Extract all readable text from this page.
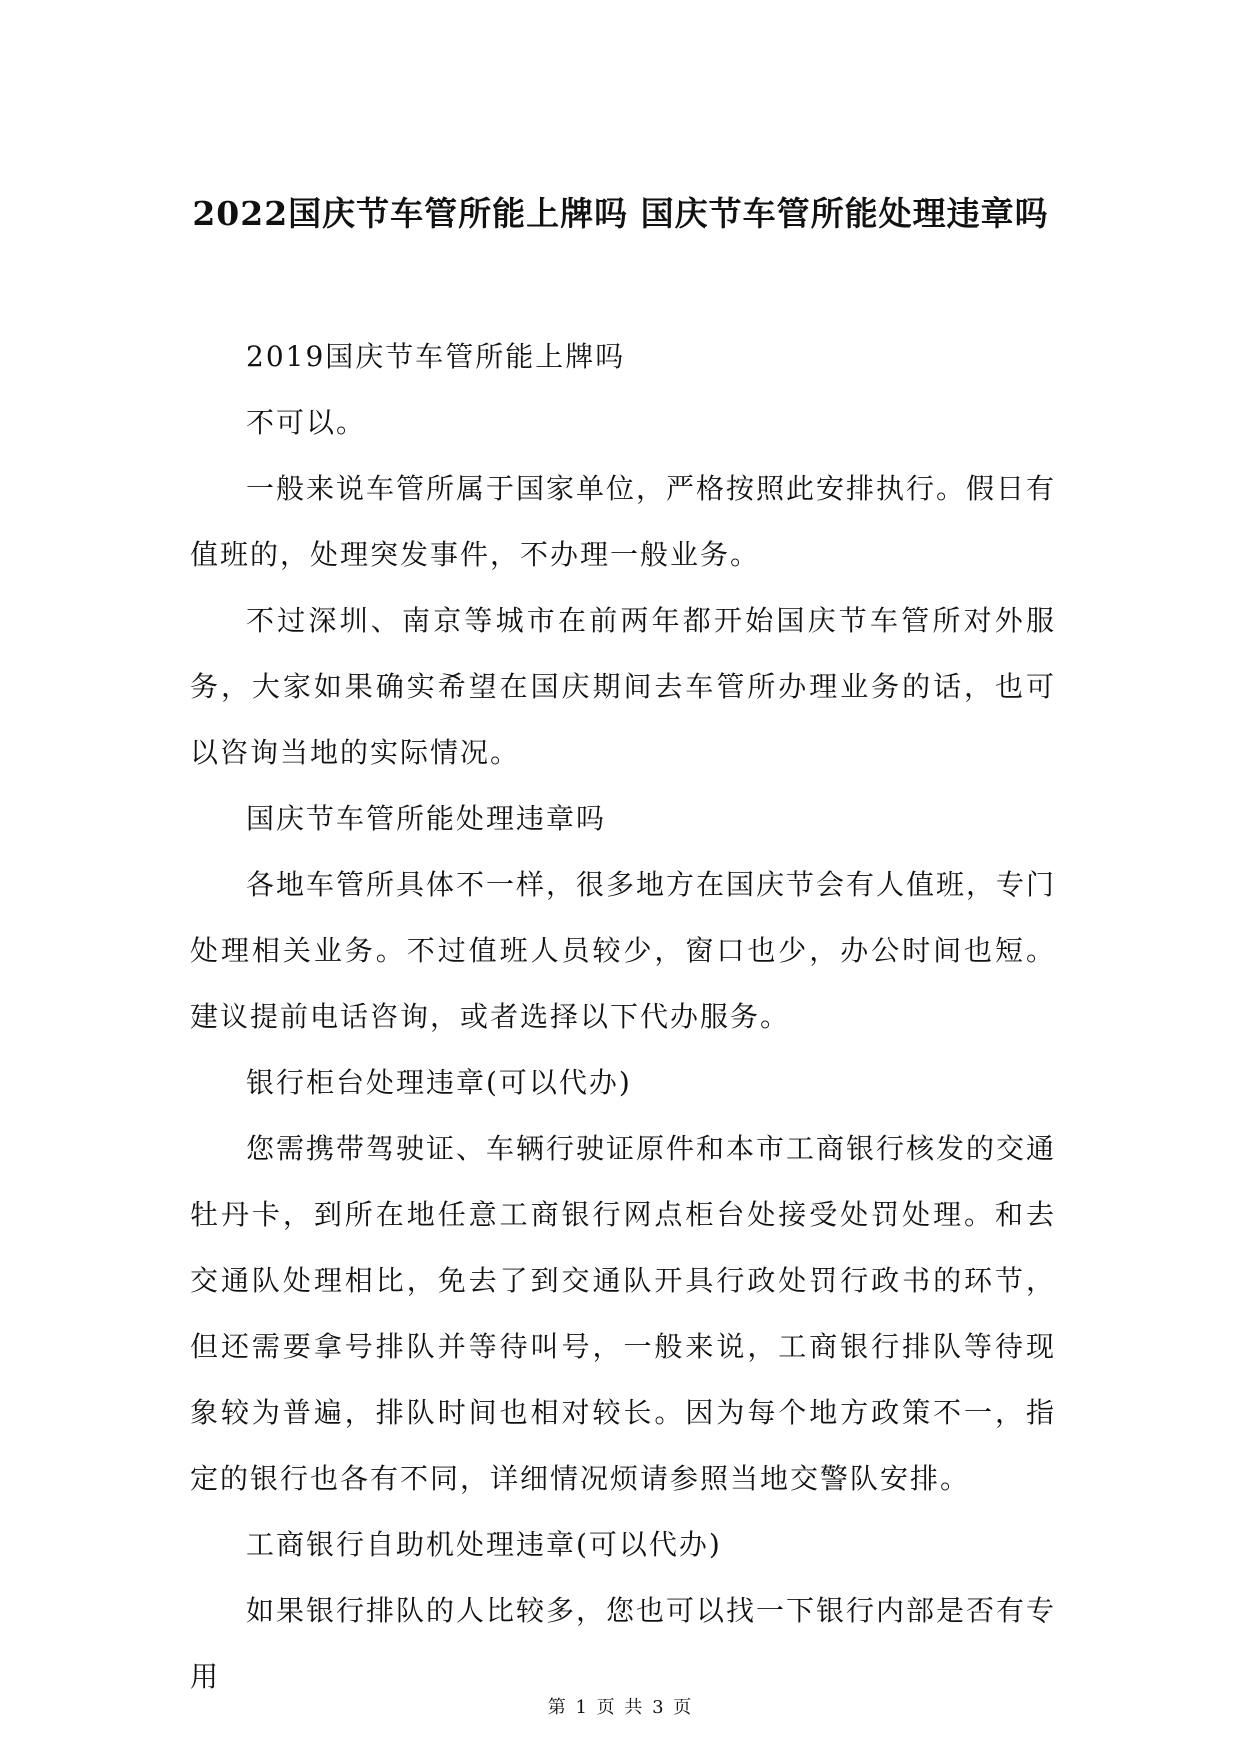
2022国庆节车管所能上牌吗 国庆节车管所能处理违章吗

2019国庆节车管所能上牌吗

不可以。

一般来说车管所属于国家单位，严格按照此安排执行。假日有值班的，处理突发事件，不办理一般业务。

不过深圳、南京等城市在前两年都开始国庆节车管所对外服务，大家如果确实希望在国庆期间去车管所办理业务的话，也可以咨询当地的实际情况。

国庆节车管所能处理违章吗

各地车管所具体不一样，很多地方在国庆节会有人值班，专门处理相关业务。不过值班人员较少，窗口也少，办公时间也短。建议提前电话咨询，或者选择以下代办服务。

银行柜台处理违章(可以代办)

您需携带驾驶证、车辆行驶证原件和本市工商银行核发的交通牡丹卡，到所在地任意工商银行网点柜台处接受处罚处理。和去交通队处理相比，免去了到交通队开具行政处罚行政书的环节，但还需要拿号排队并等待叫号，一般来说，工商银行排队等待现象较为普遍，排队时间也相对较长。因为每个地方政策不一，指定的银行也各有不同，详细情况烦请参照当地交警队安排。

工商银行自助机处理违章(可以代办)

如果银行排队的人比较多，您也可以找一下银行内部是否有专用

第 1 页 共 3 页
